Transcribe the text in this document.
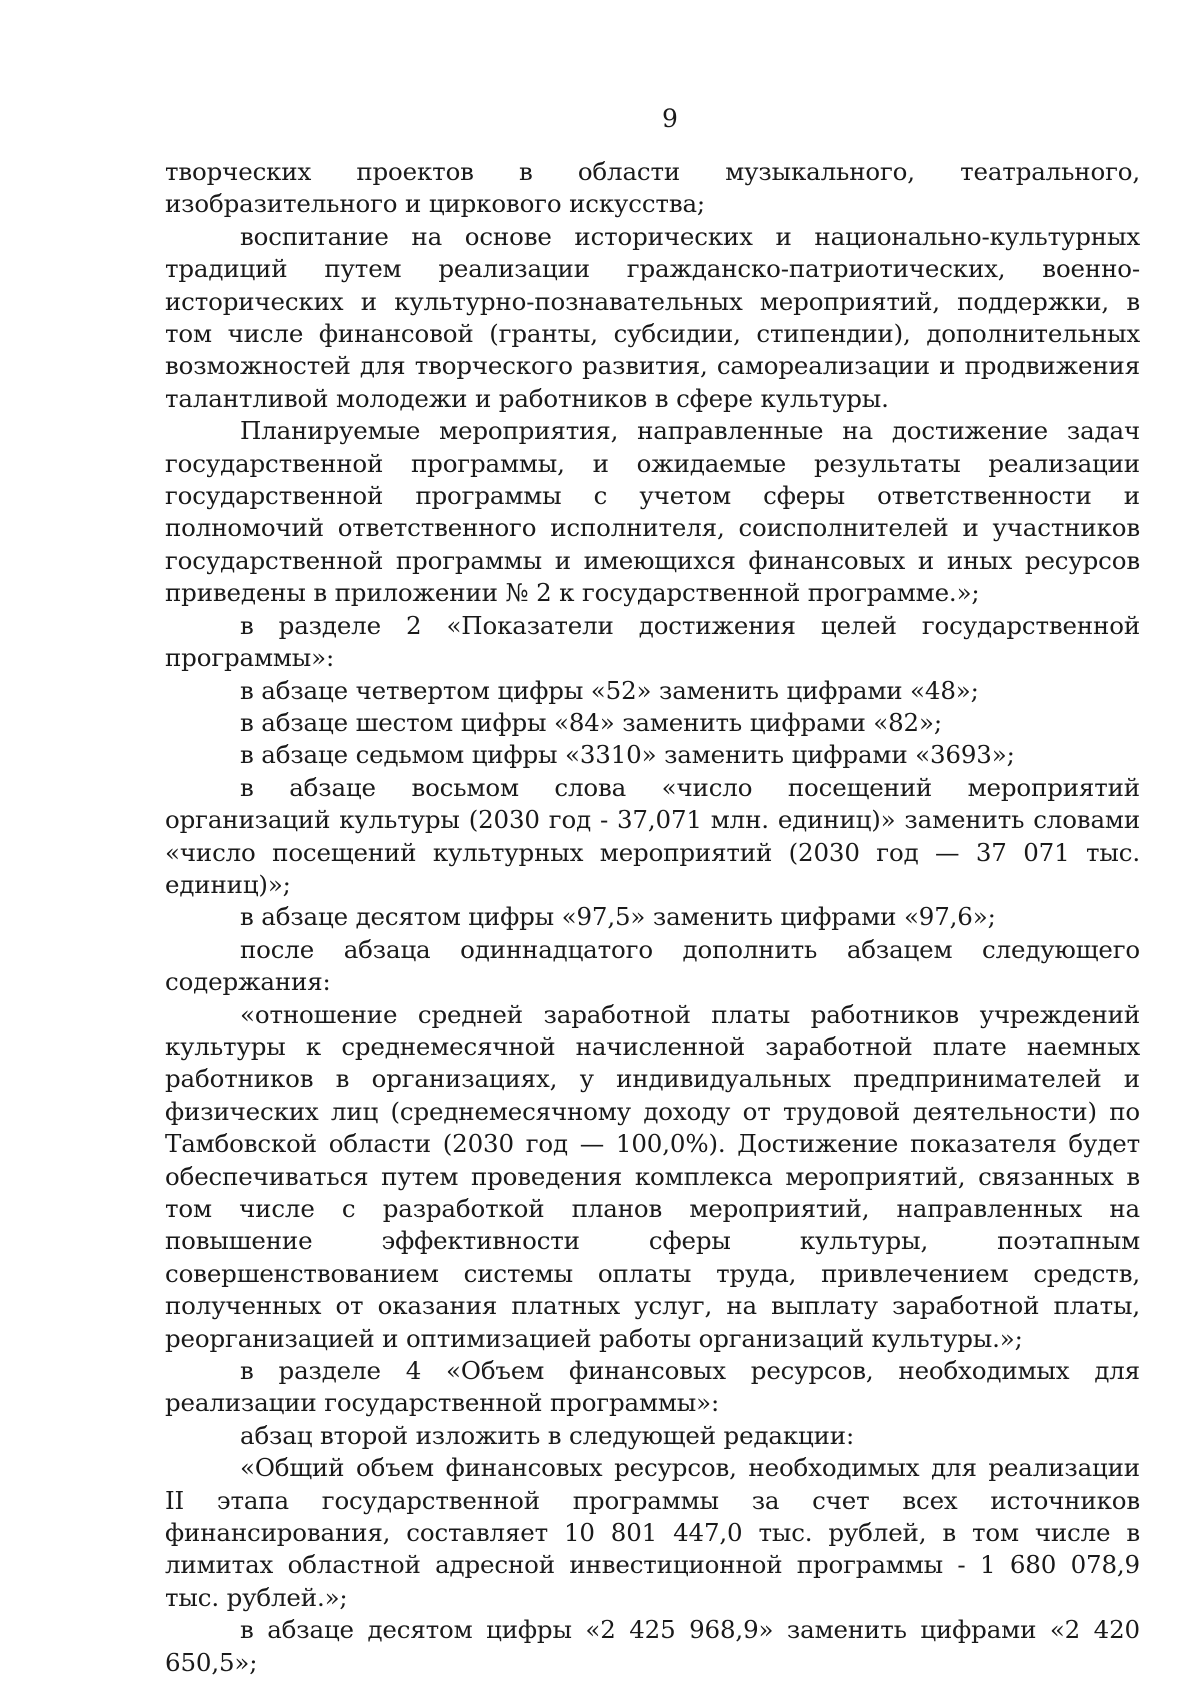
9

творческих проектов в области музыкального, театрального, изобразительного и циркового искусства;

воспитание на основе исторических и национально-культурных традиций путем реализации гражданско-патриотических, военно-исторических и культурно-познавательных мероприятий, поддержки, в том числе финансовой (гранты, субсидии, стипендии), дополнительных возможностей для творческого развития, самореализации и продвижения талантливой молодежи и работников в сфере культуры.

Планируемые мероприятия, направленные на достижение задач государственной программы, и ожидаемые результаты реализации государственной программы с учетом сферы ответственности и полномочий ответственного исполнителя, соисполнителей и участников государственной программы и имеющихся финансовых и иных ресурсов приведены в приложении № 2 к государственной программе.»;

в разделе 2 «Показатели достижения целей государственной программы»:

в абзаце четвертом цифры «52» заменить цифрами «48»;

в абзаце шестом цифры «84» заменить цифрами «82»;

в абзаце седьмом цифры «3310» заменить цифрами «3693»;

в абзаце восьмом слова «число посещений мероприятий организаций культуры (2030 год - 37,071 млн. единиц)» заменить словами «число посещений культурных мероприятий (2030 год — 37 071 тыс. единиц)»;

в абзаце десятом цифры «97,5» заменить цифрами «97,6»;

после абзаца одиннадцатого дополнить абзацем следующего содержания:

«отношение средней заработной платы работников учреждений культуры к среднемесячной начисленной заработной плате наемных работников в организациях, у индивидуальных предпринимателей и физических лиц (среднемесячному доходу от трудовой деятельности) по Тамбовской области (2030 год — 100,0%). Достижение показателя будет обеспечиваться путем проведения комплекса мероприятий, связанных в том числе с разработкой планов мероприятий, направленных на повышение эффективности сферы культуры, поэтапным совершенствованием системы оплаты труда, привлечением средств, полученных от оказания платных услуг, на выплату заработной платы, реорганизацией и оптимизацией работы организаций культуры.»;

в разделе 4 «Объем финансовых ресурсов, необходимых для реализации государственной программы»:

абзац второй изложить в следующей редакции:

«Общий объем финансовых ресурсов, необходимых для реализации II этапа государственной программы за счет всех источников финансирования, составляет 10 801 447,0 тыс. рублей, в том числе в лимитах областной адресной инвестиционной программы - 1 680 078,9 тыс. рублей.»;

в абзаце десятом цифры «2 425 968,9» заменить цифрами «2 420 650,5»;
